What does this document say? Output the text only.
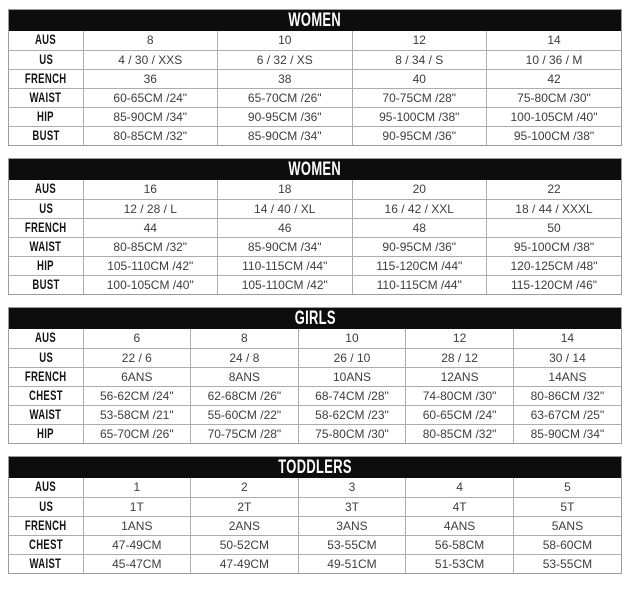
WOMEN
AUS	8	10	12	14
US	4 / 30 / XXS	6 / 32 / XS	8 / 34 / S	10 / 36 / M
FRENCH	36	38	40	42
WAIST	60-65CM /24"	65-70CM /26"	70-75CM /28"	75-80CM /30"
HIP	85-90CM /34"	90-95CM /36"	95-100CM /38"	100-105CM /40"
BUST	80-85CM /32"	85-90CM /34"	90-95CM /36"	95-100CM /38"
WOMEN
AUS	16	18	20	22
US	12 / 28 / L	14 / 40 / XL	16 / 42 / XXL	18 / 44 / XXXL
FRENCH	44	46	48	50
WAIST	80-85CM /32"	85-90CM /34"	90-95CM /36"	95-100CM /38"
HIP	105-110CM /42"	110-115CM /44"	115-120CM /44"	120-125CM /48"
BUST	100-105CM /40"	105-110CM /42"	110-115CM /44"	115-120CM /46"
GIRLS
AUS	6	8	10	12	14
US	22 / 6	24 / 8	26 / 10	28 / 12	30 / 14
FRENCH	6ANS	8ANS	10ANS	12ANS	14ANS
CHEST	56-62CM /24"	62-68CM /26"	68-74CM /28"	74-80CM /30"	80-86CM /32"
WAIST	53-58CM /21"	55-60CM /22"	58-62CM /23"	60-65CM /24"	63-67CM /25"
HIP	65-70CM /26"	70-75CM /28"	75-80CM /30"	80-85CM /32"	85-90CM /34"
TODDLERS
AUS	1	2	3	4	5
US	1T	2T	3T	4T	5T
FRENCH	1ANS	2ANS	3ANS	4ANS	5ANS
CHEST	47-49CM	50-52CM	53-55CM	56-58CM	58-60CM
WAIST	45-47CM	47-49CM	49-51CM	51-53CM	53-55CM
